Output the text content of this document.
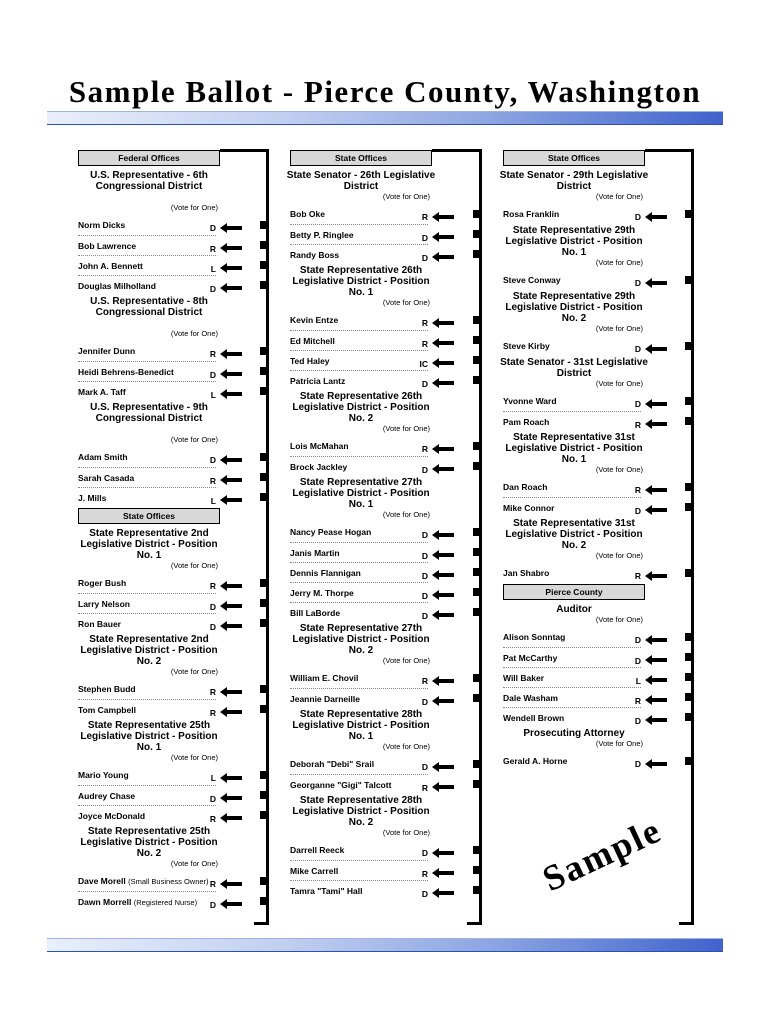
Sample Ballot - Pierce County, Washington
Federal Offices
U.S. Representative - 6th Congressional District
(Vote for One)
Norm Dicks	D
Bob Lawrence	R
John A. Bennett	L
Douglas Milholland	D
U.S. Representative - 8th Congressional District
(Vote for One)
Jennifer Dunn	R
Heidi Behrens-Benedict	D
Mark A. Taff	L
U.S. Representative - 9th Congressional District
(Vote for One)
Adam Smith	D
Sarah Casada	R
J. Mills	L
State Offices
State Representative 2nd Legislative District - Position No. 1
(Vote for One)
Roger Bush	R
Larry Nelson	D
Ron Bauer	D
State Representative 2nd Legislative District - Position No. 2
(Vote for One)
Stephen Budd	R
Tom Campbell	R
State Representative 25th Legislative District - Position No. 1
(Vote for One)
Mario Young	L
Audrey Chase	D
Joyce McDonald	R
State Representative 25th Legislative District - Position No. 2
(Vote for One)
Dave Morell (Small Business Owner) R
Dawn Morrell (Registered Nurse) D
State Offices
State Senator - 26th Legislative District
(Vote for One)
Bob Oke	R
Betty P. Ringlee	D
Randy Boss	D
State Representative 26th Legislative District - Position No. 1
(Vote for One)
Kevin Entze	R
Ed Mitchell	R
Ted Haley	IC
Patricia Lantz	D
State Representative 26th Legislative District - Position No. 2
(Vote for One)
Lois McMahan	R
Brock Jackley	D
State Representative 27th Legislative District - Position No. 1
(Vote for One)
Nancy Pease Hogan	D
Janis Martin	D
Dennis Flannigan	D
Jerry M. Thorpe	D
Bill LaBorde	D
State Representative 27th Legislative District - Position No. 2
(Vote for One)
William E. Chovil	R
Jeannie Darneille	D
State Representative 28th Legislative District - Position No. 1
(Vote for One)
Deborah "Debi" Srail	D
Georganne "Gigi" Talcott	R
State Representative 28th Legislative District - Position No. 2
(Vote for One)
Darrell Reeck	D
Mike Carrell	R
Tamra "Tami" Hall	D
State Offices
State Senator - 29th Legislative District
(Vote for One)
Rosa Franklin	D
State Representative 29th Legislative District - Position No. 1
(Vote for One)
Steve Conway	D
State Representative 29th Legislative District - Position No. 2
(Vote for One)
Steve Kirby	D
State Senator - 31st Legislative District
(Vote for One)
Yvonne Ward	D
Pam Roach	R
State Representative 31st Legislative District - Position No. 1
(Vote for One)
Dan Roach	R
Mike Connor	D
State Representative 31st Legislative District - Position No. 2
(Vote for One)
Jan Shabro	R
Pierce County
Auditor
(Vote for One)
Alison Sonntag	D
Pat McCarthy	D
Will Baker	L
Dale Washam	R
Wendell Brown	D
Prosecuting Attorney
(Vote for One)
Gerald A. Horne	D
Sample
